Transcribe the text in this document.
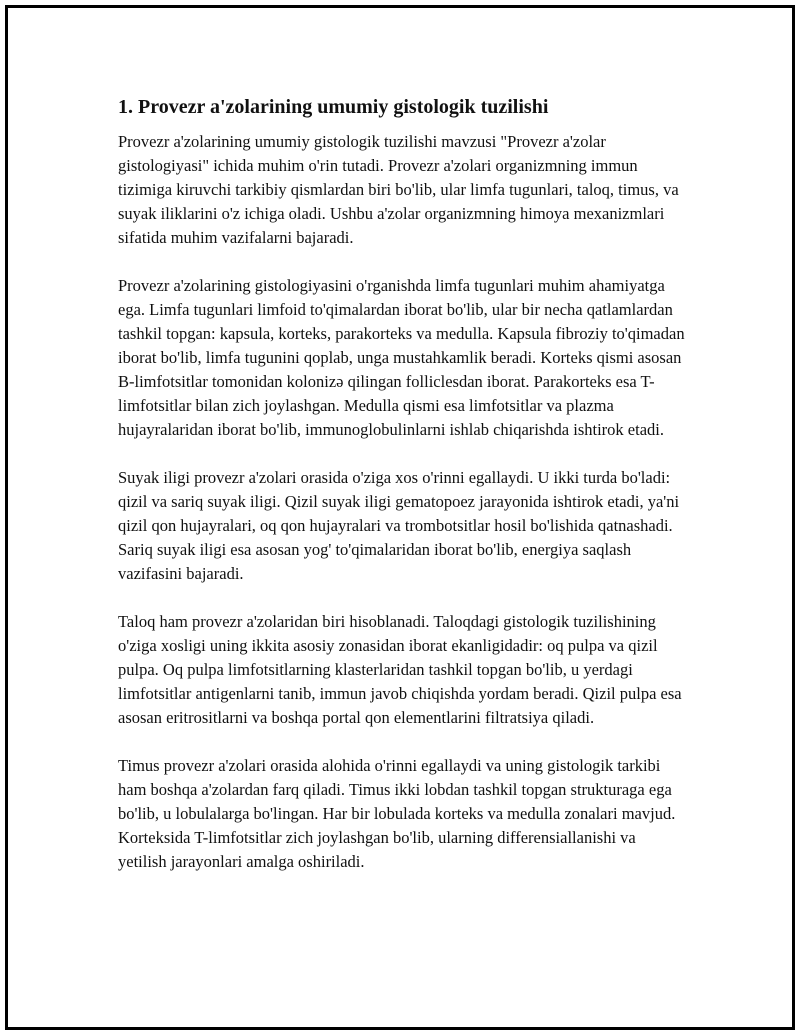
1. Provezr a'zolarining umumiy gistologik tuzilishi

Provezr a'zolarining umumiy gistologik tuzilishi mavzusi "Provezr a'zolar gistologiyasi" ichida muhim o'rin tutadi. Provezr a'zolari organizmning immun tizimiga kiruvchi tarkibiy qismlardan biri bo'lib, ular limfa tugunlari, taloq, timus, va suyak iliklarini o'z ichiga oladi. Ushbu a'zolar organizmning himoya mexanizmlari sifatida muhim vazifalarni bajaradi.

Provezr a'zolarining gistologiyasini o'rganishda limfa tugunlari muhim ahamiyatga ega. Limfa tugunlari limfoid to'qimalardan iborat bo'lib, ular bir necha qatlamlardan tashkil topgan: kapsula, korteks, parakorteks va medulla. Kapsula fibroziy to'qimadan iborat bo'lib, limfa tugunini qoplab, unga mustahkamlik beradi. Korteks qismi asosan B-limfotsitlar tomonidan kolonizə qilingan folliclesdan iborat. Parakorteks esa T-limfotsitlar bilan zich joylashgan. Medulla qismi esa limfotsitlar va plazma hujayralaridan iborat bo'lib, immunoglobulinlarni ishlab chiqarishda ishtirok etadi.

Suyak iligi provezr a'zolari orasida o'ziga xos o'rinni egallaydi. U ikki turda bo'ladi: qizil va sariq suyak iligi. Qizil suyak iligi gematopoez jarayonida ishtirok etadi, ya'ni qizil qon hujayralari, oq qon hujayralari va trombotsitlar hosil bo'lishida qatnashadi. Sariq suyak iligi esa asosan yog' to'qimalaridan iborat bo'lib, energiya saqlash vazifasini bajaradi.

Taloq ham provezr a'zolaridan biri hisoblanadi. Taloqdagi gistologik tuzilishining o'ziga xosligi uning ikkita asosiy zonasidan iborat ekanligidadir: oq pulpa va qizil pulpa. Oq pulpa limfotsitlarning klasterlaridan tashkil topgan bo'lib, u yerdagi limfotsitlar antigenlarni tanib, immun javob chiqishda yordam beradi. Qizil pulpa esa asosan eritrositlarni va boshqa portal qon elementlarini filtratsiya qiladi.

Timus provezr a'zolari orasida alohida o'rinni egallaydi va uning gistologik tarkibi ham boshqa a'zolardan farq qiladi. Timus ikki lobdan tashkil topgan strukturaga ega bo'lib, u lobulalarga bo'lingan. Har bir lobulada korteks va medulla zonalari mavjud. Korteksida T-limfotsitlar zich joylashgan bo'lib, ularning differensiallanishi va yetilish jarayonlari amalga oshiriladi.
